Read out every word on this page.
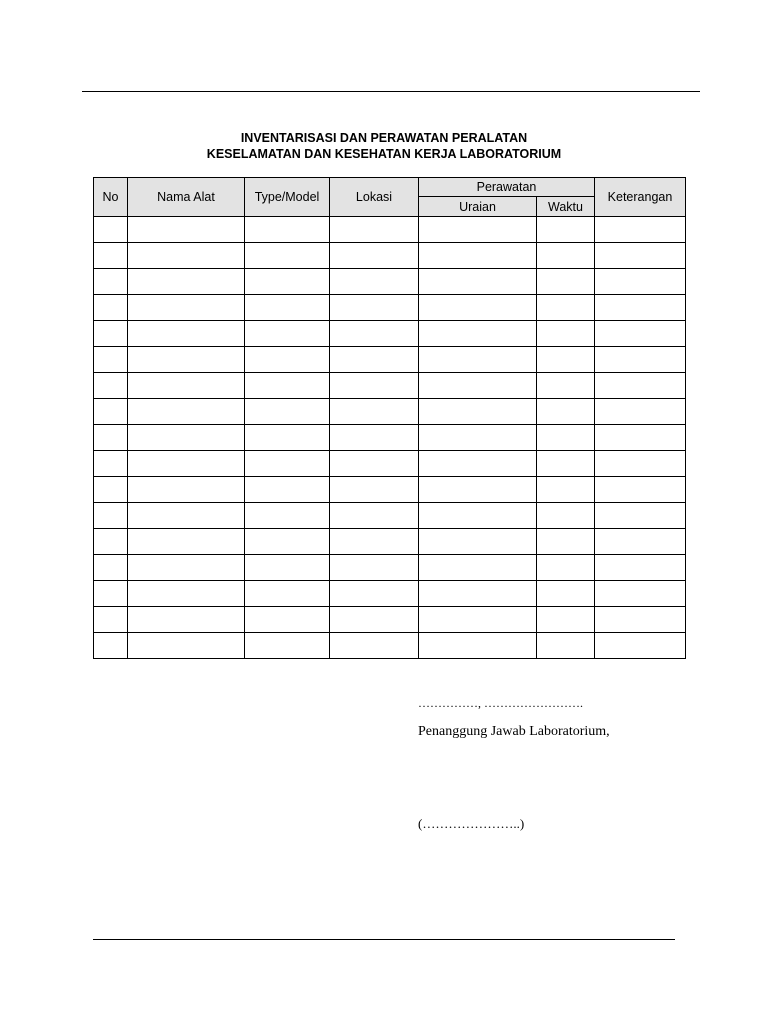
INVENTARISASI DAN PERAWATAN PERALATAN
KESELAMATAN DAN KESEHATAN KERJA LABORATORIUM
No	Nama Alat	Type/Model	Lokasi	Perawatan		Keterangan
				Uraian	Waktu	

……………, …………………….
Penanggung Jawab Laboratorium,
(…………………..)
